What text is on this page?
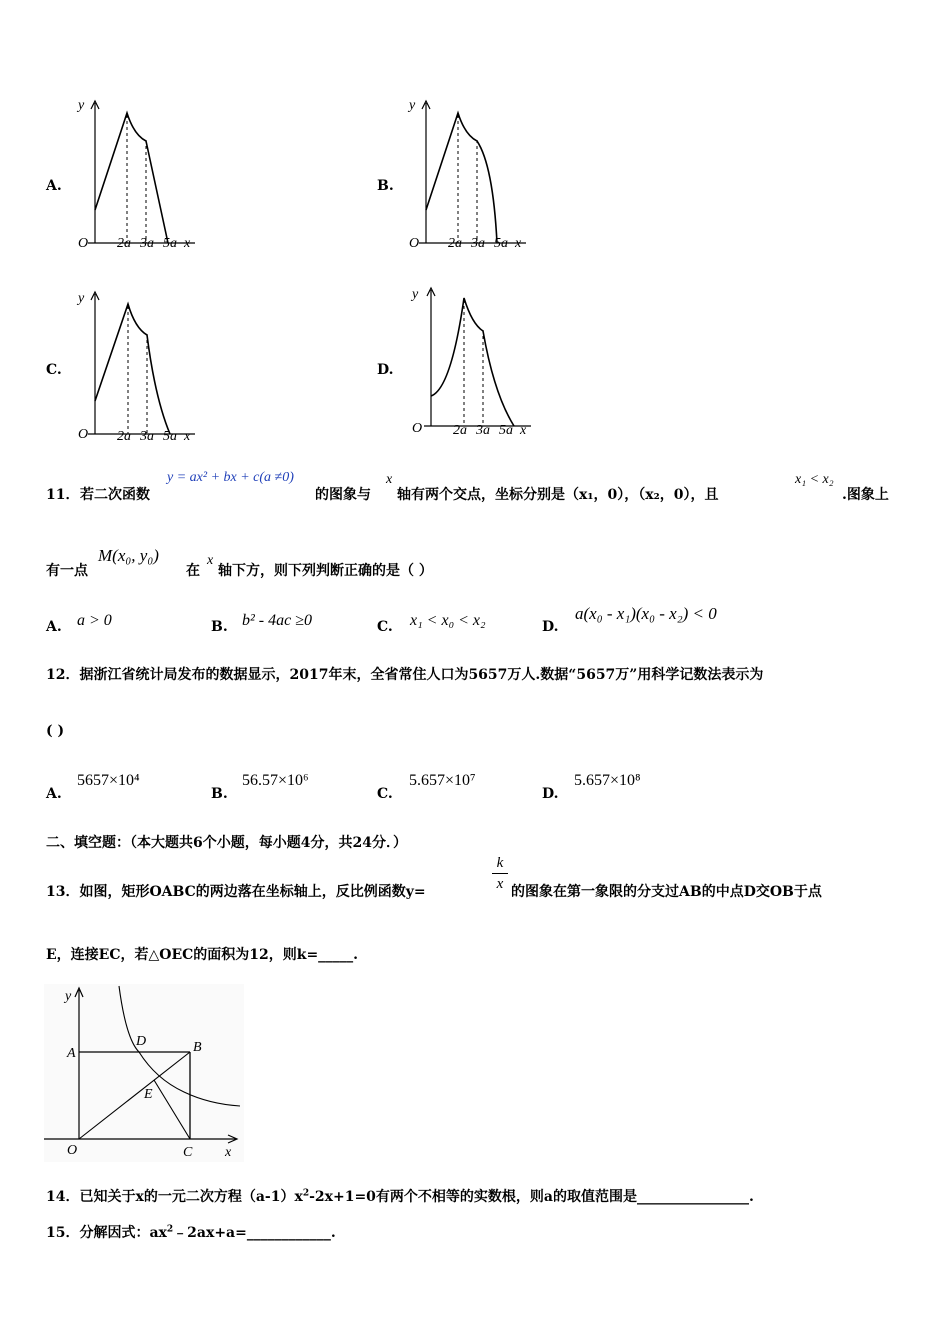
A.	B.
C.	D.
y
O 2a 3a 5a x
y
O 2a 3a 5a x
y
O 2a 3a 5a x
y
O 2a 3a 5a x
11． 若二次函数
y = ax² + bx + c(a ≠0)
的图象与
x
轴有两个交点，坐标分别是（x₁，0），（x₂，0），且
x₁ < x₂
.图象上
有一点
M(x₀, y₀)
在
x
轴下方，则下列判断正确的是（ ）
A. a > 0	B. b² - 4ac ≥0	C. x₁ < x₀ < x₂	D.
a(x₀ - x₁)(x₀ - x₂) < 0
12．据浙江省统计局发布的数据显示，2017年末，全省常住人口为5657万人.数据“5657万”用科学记数法表示为
( )
A.
5657×10⁴
B.
56.57×10⁶
C.
5.657×10⁷
D.
5.657×10⁸
二、填空题：（本大题共6个小题，每小题4分，共24分．）
13．如图，矩形OABC的两边落在坐标轴上，反比例函数y=
k
x 的图象在第一象限的分支过AB的中点D交OB于点
E，连接EC，若△OEC的面积为12，则k=_____.
y
A
D	B
E
O	C x
14．已知关于x的一元二次方程$(a-1)x^2-2x+1=0$有两个不相等的实数根，则a的取值范围是________________.
15．分解因式：$ax^2﹣2ax+a=\_\_\_\_\_\_\_\_\_\_\_\_$.
